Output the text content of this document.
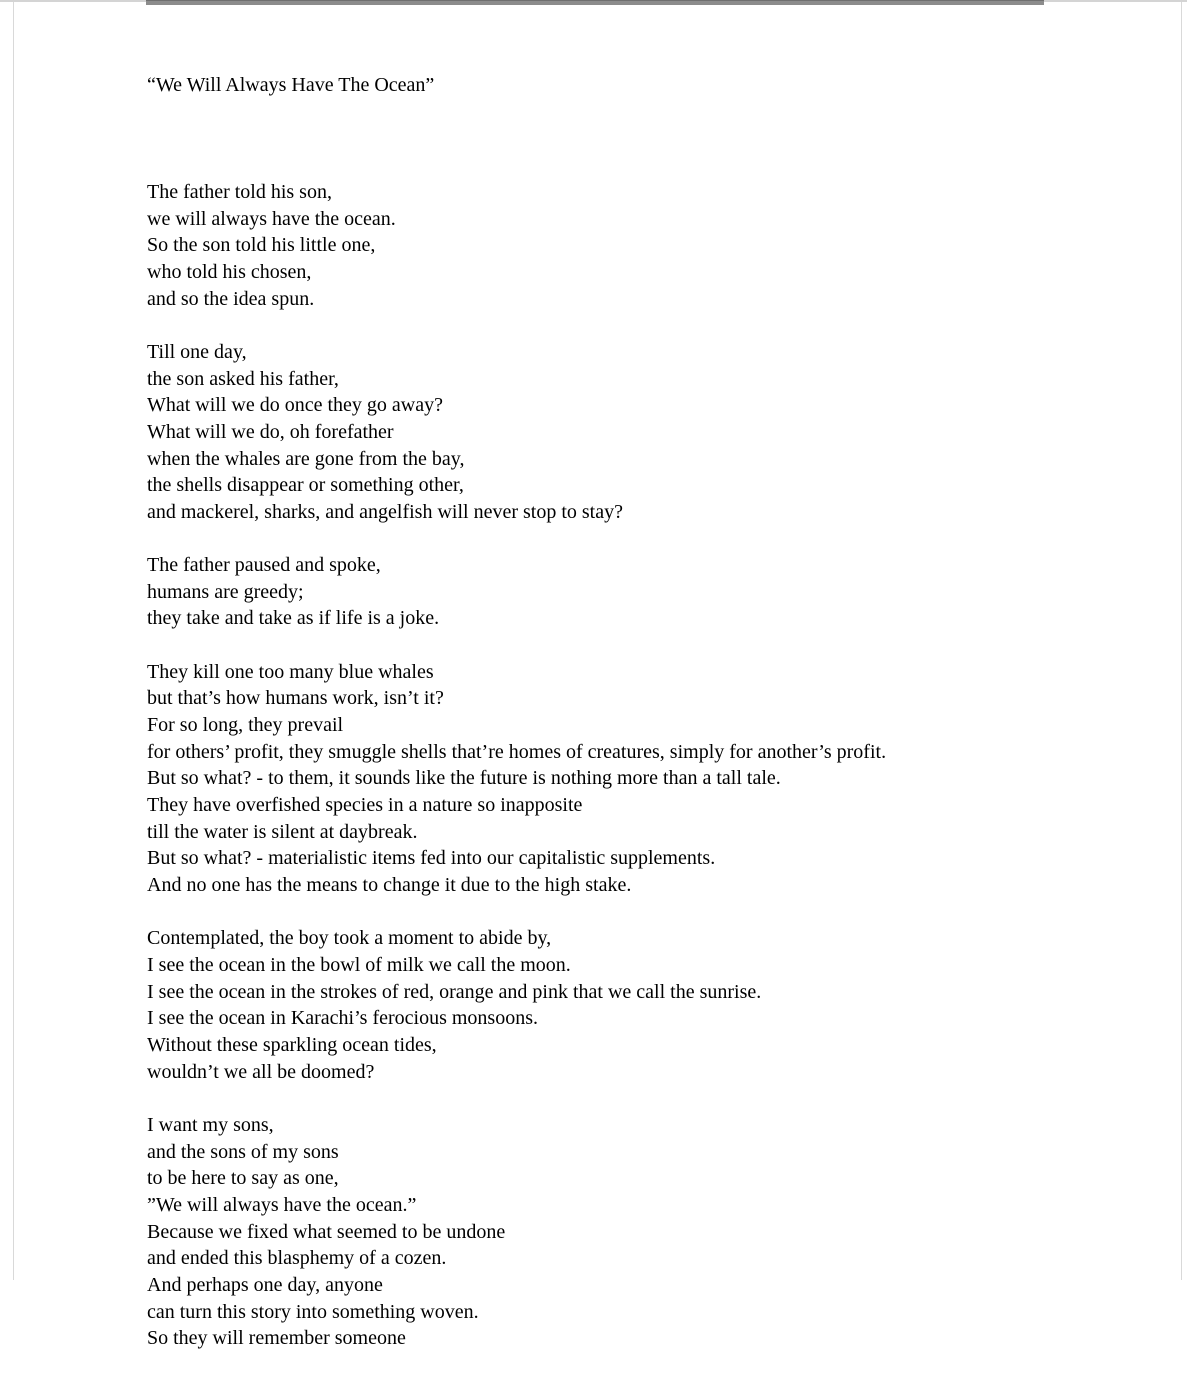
“We Will Always Have The Ocean”

The father told his son,
we will always have the ocean.
So the son told his little one,
who told his chosen,
and so the idea spun.
Till one day,
the son asked his father,
What will we do once they go away?
What will we do, oh forefather
when the whales are gone from the bay,
the shells disappear or something other,
and mackerel, sharks, and angelfish will never stop to stay?
The father paused and spoke,
humans are greedy;
they take and take as if life is a joke.
They kill one too many blue whales
but that’s how humans work, isn’t it?
For so long, they prevail
for others’ profit, they smuggle shells that’re homes of creatures, simply for another’s profit.
But so what? - to them, it sounds like the future is nothing more than a tall tale.
They have overfished species in a nature so inapposite
till the water is silent at daybreak.
But so what? - materialistic items fed into our capitalistic supplements.
And no one has the means to change it due to the high stake.
Contemplated, the boy took a moment to abide by,
I see the ocean in the bowl of milk we call the moon.
I see the ocean in the strokes of red, orange and pink that we call the sunrise.
I see the ocean in Karachi’s ferocious monsoons.
Without these sparkling ocean tides,
wouldn’t we all be doomed?
I want my sons,
and the sons of my sons
to be here to say as one,
”We will always have the ocean.”
Because we fixed what seemed to be undone
and ended this blasphemy of a cozen.
And perhaps one day, anyone
can turn this story into something woven.
So they will remember someone
